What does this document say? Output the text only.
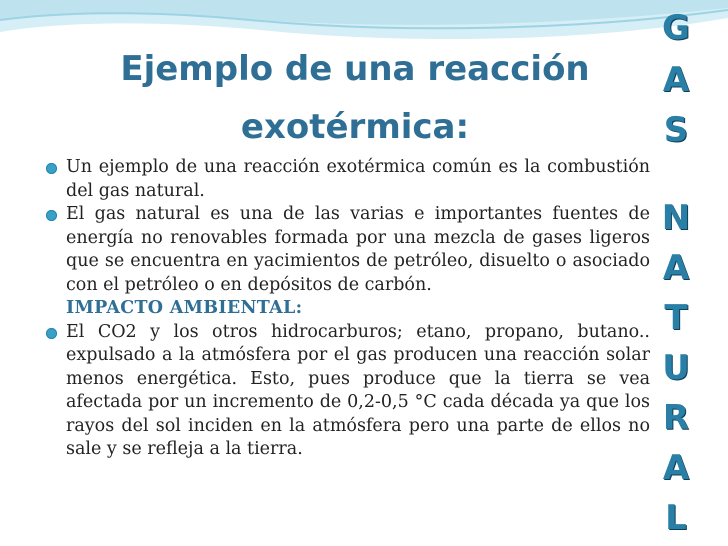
Ejemplo de una reacción
exotérmica:
Un ejemplo de una reacción exotérmica común es la combustión del gas natural.
El gas natural es una de las varias e importantes fuentes de energía no renovables formada por una mezcla de gases ligeros que se encuentra en yacimientos de petróleo, disuelto o asociado con el petróleo o en depósitos de carbón.
IMPACTO AMBIENTAL:
El CO2 y los otros hidrocarburos; etano, propano, butano.. expulsado a la atmósfera por el gas producen una reacción solar menos energética. Esto, pues produce que la tierra se vea afectada por un incremento de 0,2-0,5 °C cada década ya que los rayos del sol inciden en la atmósfera pero una parte de ellos no sale y se refleja a la tierra.
G
A
S
N
A
T
U
R
A
L
